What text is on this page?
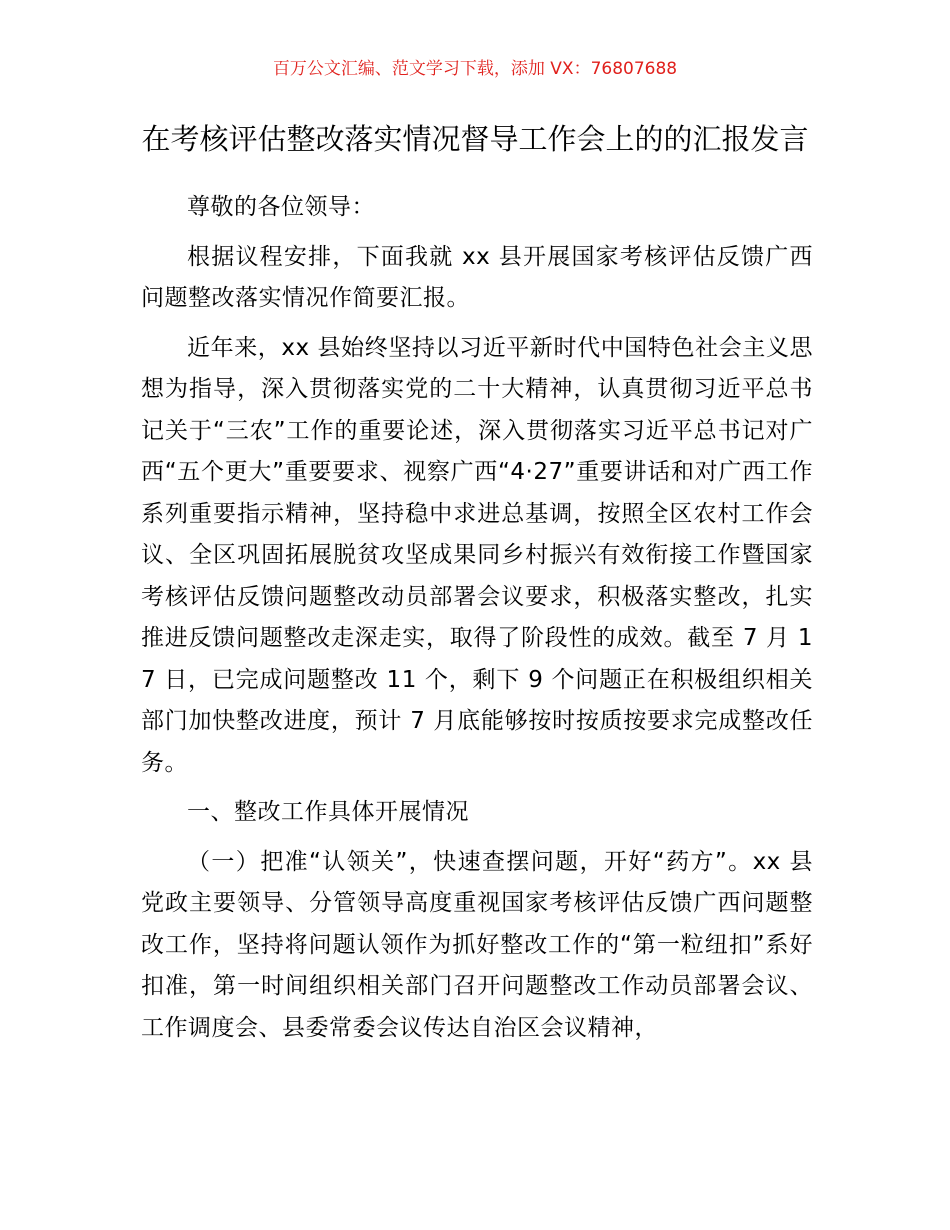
百万公文汇编、范文学习下载，添加 VX：76807688
在考核评估整改落实情况督导工作会上的的汇报发言

尊敬的各位领导：

根据议程安排，下面我就 xx 县开展国家考核评估反馈广西问题整改落实情况作简要汇报。

近年来，xx 县始终坚持以习近平新时代中国特色社会主义思想为指导，深入贯彻落实党的二十大精神，认真贯彻习近平总书记关于“三农”工作的重要论述，深入贯彻落实习近平总书记对广西“五个更大”重要要求、视察广西“4·27”重要讲话和对广西工作系列重要指示精神，坚持稳中求进总基调，按照全区农村工作会议、全区巩固拓展脱贫攻坚成果同乡村振兴有效衔接工作暨国家考核评估反馈问题整改动员部署会议要求，积极落实整改，扎实推进反馈问题整改走深走实，取得了阶段性的成效。截至 7 月 17 日，已完成问题整改 11 个，剩下 9 个问题正在积极组织相关部门加快整改进度，预计 7 月底能够按时按质按要求完成整改任务。

一、整改工作具体开展情况

（一）把准“认领关”，快速查摆问题，开好“药方”。xx 县党政主要领导、分管领导高度重视国家考核评估反馈广西问题整改工作，坚持将问题认领作为抓好整改工作的“第一粒纽扣”系好扣准，第一时间组织相关部门召开问题整改工作动员部署会议、工作调度会、县委常委会议传达自治区会议精神，
